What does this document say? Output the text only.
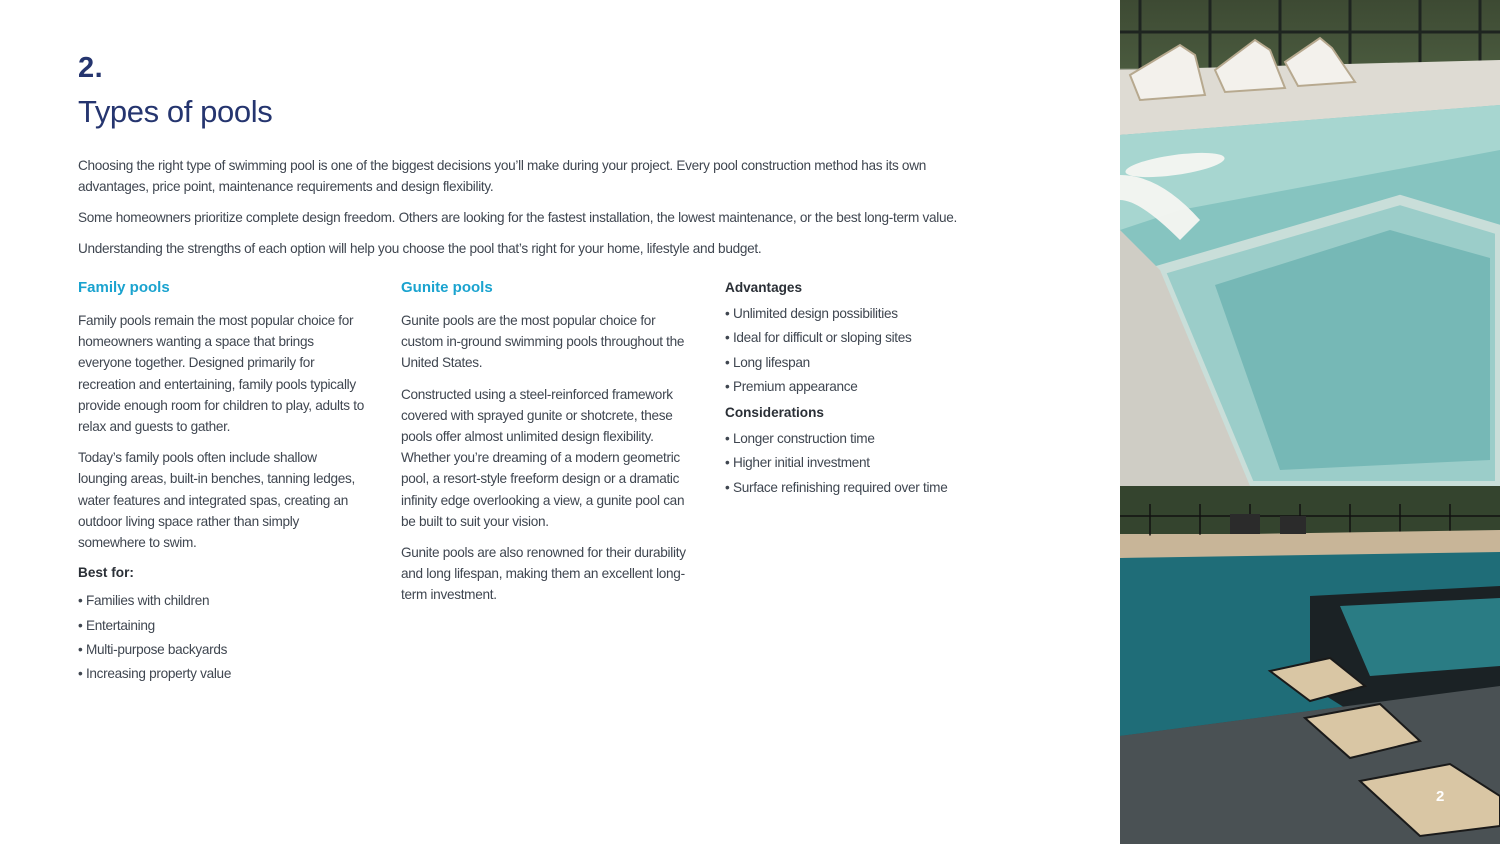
2.
Types of pools

Choosing the right type of swimming pool is one of the biggest decisions you’ll make during your project. Every pool construction method has its own advantages, price point, maintenance requirements and design flexibility.

Some homeowners prioritize complete design freedom. Others are looking for the fastest installation, the lowest maintenance, or the best long-term value.

Understanding the strengths of each option will help you choose the pool that’s right for your home, lifestyle and budget.

Family pools

Family pools remain the most popular choice for homeowners wanting a space that brings everyone together. Designed primarily for recreation and entertaining, family pools typically provide enough room for children to play, adults to relax and guests to gather.

Today’s family pools often include shallow lounging areas, built-in benches, tanning ledges, water features and integrated spas, creating an outdoor living space rather than simply somewhere to swim.

Best for:
• Families with children
• Entertaining
• Multi-purpose backyards
• Increasing property value
Gunite pools

Gunite pools are the most popular choice for custom in-ground swimming pools throughout the United States.

Constructed using a steel-reinforced framework covered with sprayed gunite or shotcrete, these pools offer almost unlimited design flexibility. Whether you’re dreaming of a modern geometric pool, a resort-style freeform design or a dramatic infinity edge overlooking a view, a gunite pool can be built to suit your vision.

Gunite pools are also renowned for their durability and long lifespan, making them an excellent long-term investment.

Advantages
• Unlimited design possibilities
• Ideal for difficult or sloping sites
• Long lifespan
• Premium appearance
Considerations
• Longer construction time
• Higher initial investment
• Surface refinishing required over time
2
